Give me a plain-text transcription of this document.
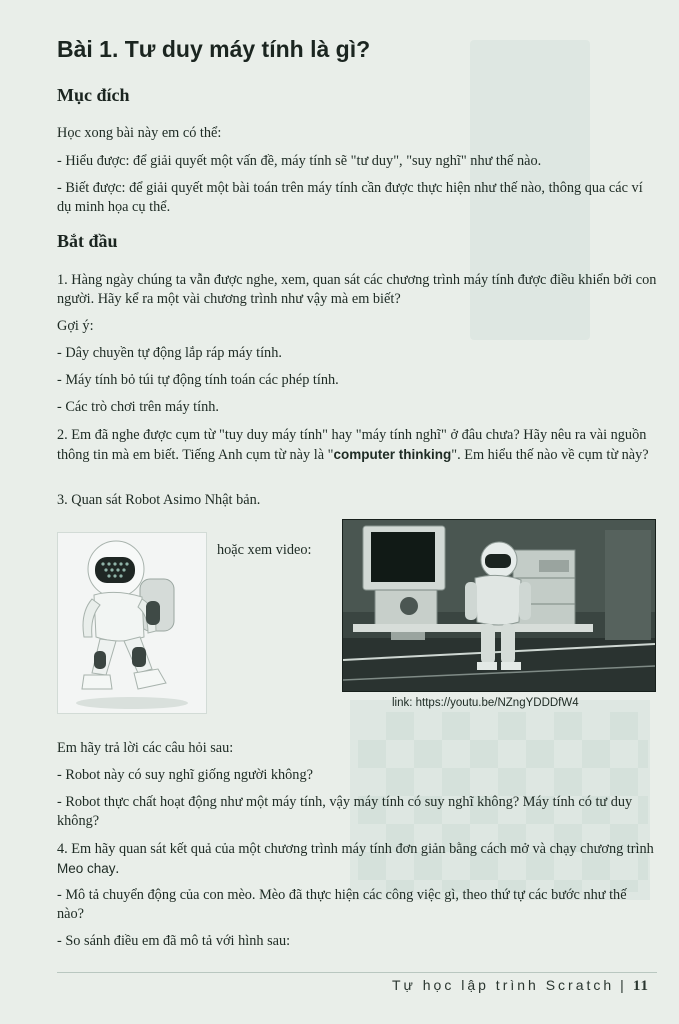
Bài 1. Tư duy máy tính là gì?
Mục đích

Học xong bài này em có thể:

- Hiểu được: để giải quyết một vấn đề, máy tính sẽ "tư duy", "suy nghĩ" như thế nào.

- Biết được: để giải quyết một bài toán trên máy tính cần được thực hiện như thế nào, thông qua các ví dụ minh họa cụ thể.

Bắt đầu

1. Hàng ngày chúng ta vẫn được nghe, xem, quan sát các chương trình máy tính được điều khiển bởi con người. Hãy kể ra một vài chương trình như vậy mà em biết?

Gợi ý:

- Dây chuyền tự động lắp ráp máy tính.

- Máy tính bỏ túi tự động tính toán các phép tính.

- Các trò chơi trên máy tính.

2. Em đã nghe được cụm từ "tuy duy máy tính" hay "máy tính nghĩ" ở đâu chưa? Hãy nêu ra vài nguồn thông tin mà em biết. Tiếng Anh cụm từ này là "computer thinking". Em hiểu thế nào về cụm từ này?

3. Quan sát Robot Asimo Nhật bản.

hoặc xem video:
link: https://youtu.be/NZngYDDDfW4

Em hãy trả lời các câu hỏi sau:

- Robot này có suy nghĩ giống người không?

- Robot thực chất hoạt động như một máy tính, vậy máy tính có suy nghĩ không? Máy tính có tư duy không?

4. Em hãy quan sát kết quả của một chương trình máy tính đơn giản bằng cách mở và chạy chương trình Meo chay.

- Mô tả chuyển động của con mèo. Mèo đã thực hiện các công việc gì, theo thứ tự các bước như thế nào?

- So sánh điều em đã mô tả với hình sau:

Tự học lập trình Scratch | 11
